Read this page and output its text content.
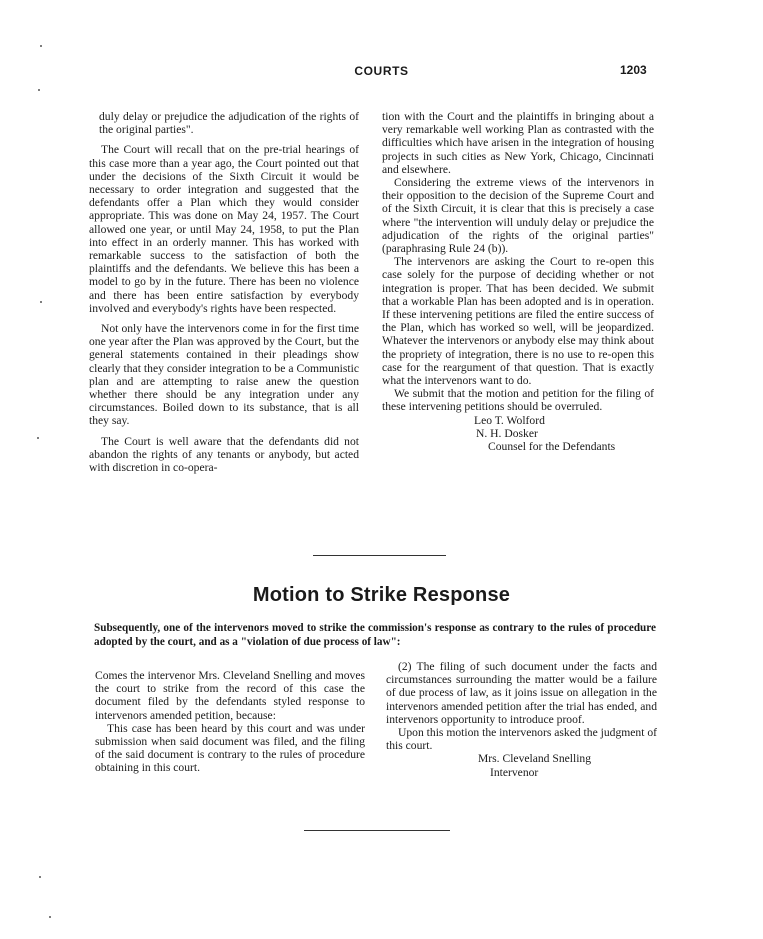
COURTS	1203

duly delay or prejudice the adjudication of the rights of the original parties".

The Court will recall that on the pre-trial hearings of this case more than a year ago, the Court pointed out that under the decisions of the Sixth Circuit it would be necessary to order integration and suggested that the defendants offer a Plan which they would consider appropriate. This was done on May 24, 1957. The Court allowed one year, or until May 24, 1958, to put the Plan into effect in an orderly manner. This has worked with remarkable success to the satisfaction of both the plaintiffs and the defendants. We believe this has been a model to go by in the future. There has been no violence and there has been entire satisfaction by everybody involved and everybody's rights have been respected.

Not only have the intervenors come in for the first time one year after the Plan was approved by the Court, but the general statements contained in their pleadings show clearly that they consider integration to be a Communistic plan and are attempting to raise anew the question whether there should be any integration under any circumstances. Boiled down to its substance, that is all they say.

The Court is well aware that the defendants did not abandon the rights of any tenants or anybody, but acted with discretion in co-opera-

tion with the Court and the plaintiffs in bringing about a very remarkable well working Plan as contrasted with the difficulties which have arisen in the integration of housing projects in such cities as New York, Chicago, Cincinnati and elsewhere.

Considering the extreme views of the intervenors in their opposition to the decision of the Supreme Court and of the Sixth Circuit, it is clear that this is precisely a case where "the intervention will unduly delay or prejudice the adjudication of the rights of the original parties" (paraphrasing Rule 24 (b)).

The intervenors are asking the Court to re-open this case solely for the purpose of deciding whether or not integration is proper. That has been decided. We submit that a workable Plan has been adopted and is in operation. If these intervening petitions are filed the entire success of the Plan, which has worked so well, will be jeopardized. Whatever the intervenors or anybody else may think about the propriety of integration, there is no use to re-open this case for the reargument of that question. That is exactly what the intervenors want to do.

We submit that the motion and petition for the filing of these intervening petitions should be overruled.

Leo T. Wolford

N. H. Dosker

Counsel for the Defendants

Motion to Strike Response
Subsequently, one of the intervenors moved to strike the commission's response as contrary to the rules of procedure adopted by the court, and as a "violation of due process of law":

Comes the intervenor Mrs. Cleveland Snelling and moves the court to strike from the record of this case the document filed by the defendants styled response to intervenors amended petition, because:

This case has been heard by this court and was under submission when said document was filed, and the filing of the said document is contrary to the rules of procedure obtaining in this court.

(2) The filing of such document under the facts and circumstances surrounding the matter would be a failure of due process of law, as it joins issue on allegation in the intervenors amended petition after the trial has ended, and intervenors opportunity to introduce proof.

Upon this motion the intervenors asked the judgment of this court.

Mrs. Cleveland Snelling

Intervenor
